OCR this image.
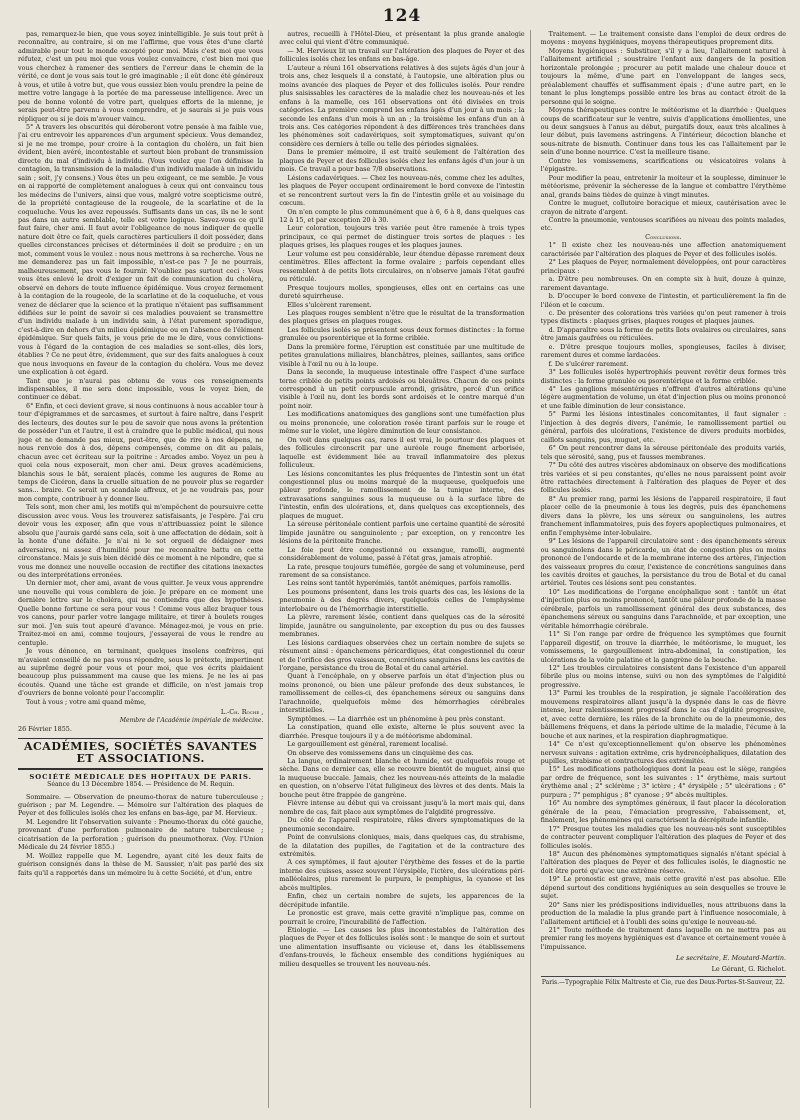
124

pas, remarquez-le bien, que vous soyez inintelligible. Je suis tout prêt à reconnaître, au contraire, si on me l'affirme, que vous êtes d'une clarté admirable pour tout le monde excepté pour moi. Mais c'est moi que vous réfutez, c'est un peu moi que vous voulez convaincre, c'est bien moi que vous cherchez à ramener des sentiers de l'erreur dans le chemin de la vérité, ce dont je vous sais tout le gré imaginable ; il eût donc été généreux à vous, et utile à votre but, que vous eussiez bien voulu prendre la peine de mettre votre langage à la portée de ma paresseuse intelligence. Avec un peu de bonne volonté de votre part, quelques efforts de la mienne, je serais peut-être parvenu à vous comprendre, et je saurais si je puis vous répliquer ou si je dois m'avouer vaincu.

5° A travers les obscurités qui déroberont votre pensée à ma faible vue, j'ai cru entrevoir les apparences d'un argument spécieux. Vous demandez, si je ne me trompe, pour croire à la contagion du choléra, un fait bien évident, bien avéré, incontestable et surtout bien probant de transmission directe du mal d'individu à individu. (Vous voulez que l'on définisse la contagion, la transmission de la maladie d'un individu malade à un individu sain ; soit, j'y consens.) Vous êtes un peu exigeant, ce me semble. Je vous en ai rapporté de complètement analogues à ceux qui ont convaincu tous les médecins de l'univers, ainsi que vous, malgré votre scepticisme outré, de la propriété contagieuse de la rougeole, de la scarlatine et de la coqueluche. Vous les avez repoussés. Suffisants dans un cas, ils ne le sont pas dans un autre semblable, telle est votre logique. Savez-vous ce qu'il faut faire, cher ami. Il faut avoir l'obligeance de nous indiquer de quelle nature doit être ce fait, quels caractères particuliers il doit posséder, dans quelles circonstances précises et déterminées il doit se produire ; en un mot, comment vous le voulez : nous nous mettrons à sa recherche. Vous ne me demanderez pas un fait impossible, n'est-ce pas ? Je ne pourrais, malheureusement, pas vous le fournir. N'oubliez pas surtout ceci : Vous vous êtes enlevé le droit d'exiger un fait de communication du choléra, observé en dehors de toute influence épidémique. Vous croyez fermement à la contagion de la rougeole, de la scarlatine et de la coqueluche, et vous venez de déclarer que la science et la pratique n'étaient pas suffisamment édifiées sur le point de savoir si ces maladies pouvaient se transmettre d'un individu malade à un individu sain, à l'état purement sporadique, c'est-à-dire en dehors d'un milieu épidémique ou en l'absence de l'élément épidémique. Sur quels faits, je vous prie de me le dire, vous convictions-vous à l'égard de la contagion de ces maladies se sont-elles, dès lors, établies ? Ce ne peut être, évidemment, que sur des faits analogues à ceux que nous invoquons en faveur de la contagion du choléra. Vous me devez une explication à cet égard.

Tant que je n'aurai pas obtenu de vous ces renseignements indispensables, il me sera donc impossible, vous le voyez bien, de continuer ce débat.

6° Enfin, et ceci devient grave, si nous continuons à nous accabler tour à tour d'épigrammes et de sarcasmes, et surtout à faire naître, dans l'esprit des lecteurs, des doutes sur le peu de savoir que nous avons la prétention de posséder l'un et l'autre, il est à craindre que le public médical, qui nous juge et ne demande pas mieux, peut-être, que de rire à nos dépens, ne nous renvoie dos à dos, dépens compensés, comme on dit au palais, chacun avec cet écriteau sur la poitrine : Arcades ambo. Voyez un peu à quoi cela nous exposerait, mon cher ami. Deux graves académiciens, blanchis sous le bât, seraient placés, comme les augures de Rome au temps de Cicéron, dans la cruelle situation de ne pouvoir plus se regarder sans... braire. Ce serait un scandale affreux, et je ne voudrais pas, pour mon compte, contribuer à y donner lieu.

Tels sont, mon cher ami, les motifs qui m'empêchent de poursuivre cette discussion avec vous. Vous les trouverez satisfaisants, je l'espère. J'ai cru devoir vous les exposer, afin que vous n'attribuassiez point le silence absolu que j'aurais gardé sans cela, soit à une affectation de dédain, soit à la honte d'une défaite. Je n'ai ni le sot orgueil de dédaigner mes adversaires, ni assez d'humilité pour me reconnaître battu en cette circonstance. Mais je suis bien décidé dès ce moment à ne répondre, que si vous me donnez une nouvelle occasion de rectifier des citations inexactes ou des interprétations erronées.

Un dernier mot, cher ami, avant de vous quitter. Je veux vous apprendre une nouvelle qui vous comblera de joie. Je prépare en ce moment une dernière lettre sur le choléra, qui ne contiendra que des hypothèses. Quelle bonne fortune ce sera pour vous ! Comme vous allez braquer tous vos canons, pour parler votre langage militaire, et tirer à boulets rouges sur moi. J'en suis tout apeuré d'avance. Ménagez-moi, je vous en prie. Traitez-moi en ami, comme toujours, j'essayerai de vous le rendre au centuple.

Je vous dénonce, en terminant, quelques insolens confrères, qui m'avaient conseillé de ne pas vous répondre, sous le prétexte, impertinent au suprême degré pour vous et pour moi, que vos écrits plaidaient beaucoup plus puissamment ma cause que les miens. Je ne les ai pas écoutés. Quand une tâche est grande et difficile, on n'est jamais trop d'ouvriers de bonne volonté pour l'accomplir.

Tout à vous ; votre ami quand même,

L.-Ch. Roche ,

Membre de l'Académie impériale de médecine.

26 Février 1855.

ACADÉMIES, SOCIÉTÉS SAVANTES ET ASSOCIATIONS.
SOCIÉTÉ MÉDICALE DES HOPITAUX DE PARIS.
Séance du 13 Décembre 1854. — Présidence de M. Requin.

Sommaire. — Observation de pneumo-thorax de nature tuberculeuse ; guérison ; par M. Legendre. — Mémoire sur l'altération des plaques de Peyer et des follicules isolés chez les enfans en bas-âge, par M. Hervieux.

M. Legendre lit l'observation suivante : Pneumo-thorax du côté gauche, provenant d'une perforation pulmonaire de nature tuberculeuse ; cicatrisation de la perforation ; guérison du pneumothorax. (Voy. l'Union Médicale du 24 février 1855.)

M. Woillez rappelle que M. Legendre, ayant cité les deux faits de guérison consignés dans la thèse de M. Saussier, n'ait pas parlé des six faits qu'il a rapportés dans un mémoire lu à cette Société, et d'un, entre

autres, recueilli à l'Hôtel-Dieu, et présentant la plus grande analogie avec celui qui vient d'être communiqué.

— M. Hervieux lit un travail sur l'altération des plaques de Peyer et des follicules isolés chez les enfans en bas-âge.

L'auteur a réuni 161 observations relatives à des sujets âgés d'un jour à trois ans, chez lesquels il a constaté, à l'autopsie, une altération plus ou moins avancée des plaques de Peyer et des follicules isolés. Pour rendre plus saisissables les caractères de la maladie chez les nouveau-nés et les enfans à la mamelle, ces 161 observations ont été divisées en trois catégories. La première comprend les enfans âgés d'un jour à un mois ; la seconde les enfans d'un mois à un an ; la troisième les enfans d'un an à trois ans. Ces catégories répondent à des différences très tranchées dans les phénomènes soit cadavériques, soit symptomatiques, suivant qu'on considère ces derniers à telle ou telle des périodes signalées.

Dans le premier mémoire, il est traité seulement de l'altération des plaques de Peyer et des follicules isolés chez les enfans âgés d'un jour à un mois. Ce travail a pour base 7/8 observations.

Lésions cadavériques. — Chez les nouveau-nés, comme chez les adultes, les plaques de Peyer occupent ordinairement le bord convexe de l'intestin et se rencontrent surtout vers la fin de l'intestin grêle et au voisinage du cœcum.

On n'en compte le plus communément que à 6, 6 à 8, dans quelques cas 12 à 15, et par exception 20 à 30.

Leur coloration, toujours très variée peut être ramenée à trois types principaux, ce qui permet de distinguer trois sortes de plaques : les plaques grises, les plaques rouges et les plaques jaunes.

Leur volume est peu considérable, leur étendue dépasse rarement deux centimètres. Elles affectent la forme ovalaire ; parfois cependant elles ressemblent à de petits îlots circulaires, on n'observe jamais l'état gaufré ou réticulé.

Presque toujours molles, spongieuses, elles ont en certains cas une dureté squirrheuse.

Elles s'ulcèrent rarement.

Les plaques rouges semblent n'être que le résultat de la transformation des plaques grises en plaques rouges.

Les follicules isolés se présentent sous deux formes distinctes : la forme granulée ou psorentérique et la forme criblée.

Dans la première forme, l'éruption est constituée par une multitude de petites granulations miliaires, blanchâtres, pleines, saillantes, sans orifice visible à l'œil nu ou à la loupe.

Dans la seconde, la muqueuse intestinale offre l'aspect d'une surface terne criblée de petits points ardoisés ou bleuâtres. Chacun de ces points correspond à un petit corpuscule arrondi, grisâtre, percé d'un orifice visible à l'œil nu, dont les bords sont ardoisés et le centre marqué d'un point noir.

Les modifications anatomiques des ganglions sont une tuméfaction plus ou moins prononcée, une coloration rosée tirant parfois sur le rouge et même sur le violet, une légère diminution de leur consistance.

On voit dans quelques cas, rares il est vrai, le pourtour des plaques et des follicules circonscrit par une auréole rouge finement arborisée, laquelle est évidemment liée au travail inflammatoire des plexus folliculeux.

Les lésions concomitantes les plus fréquentes de l'intestin sont un état congestionnel plus ou moins marqué de la muqueuse, quelquefois une pâleur profonde, le ramollissement de la tunique interne, des extravasations sanguines sous la muqueuse ou à la surface libre de l'intestin, enfin des ulcérations, et, dans quelques cas exceptionnels, des plaques de muguet.

La séreuse péritonéale contient parfois une certaine quantité de sérosité limpide jaunâtre ou sanguinolente ; par exception, on y rencontre les lésions de la péritonite franche.

Le foie peut être congestionné ou exsangue, ramolli, augmenté considérablement de volume, passé à l'état gras, jamais atrophié.

La rate, presque toujours tuméfiée, gorgée de sang et volumineuse, perd rarement de sa consistance.

Les reins sont tantôt hyperémiés, tantôt anémiques, parfois ramollis.

Les poumons présentent, dans les trois quarts des cas, les lésions de la pneumonie à des degrés divers, quelquefois celles de l'emphysème interlobaire ou de l'hémorrhagie interstitielle.

La plèvre, rarement lésée, contient dans quelques cas de la sérosité limpide, jaunâtre ou sanguinolente, par exception du pus ou des fausses membranes.

Les lésions cardiaques observées chez un certain nombre de sujets se résument ainsi : épanchemens péricardiques, état congestionnel du cœur et de l'orifice des gros vaisseaux, concrétions sanguines dans les cavités de l'organe, persistance du trou de Botal et du canal artériel.

Quant à l'encéphale, on y observe parfois un état d'injection plus ou moins prononcé, ou bien une pâleur profonde des deux substances, le ramollissement de celles-ci, des épanchemens séreux ou sanguins dans l'arachnoïde, quelquefois même des hémorrhagies cérébrales interstitielles.

Symptômes. — La diarrhée est un phénomène à peu près constant.

La constipation, quand elle existe, alterne le plus souvent avec la diarrhée. Presque toujours il y a de météorisme abdominal.

Le gargouillement est général, rarement localisé.

On observe des vomissemens dans un cinquième des cas.

La langue, ordinairement blanche et humide, est quelquefois rouge et sèche. Dans ce dernier cas, elle se recouvre bientôt de muguet, ainsi que la muqueuse buccale. Jamais, chez les nouveau-nés atteints de la maladie en question, on n'observe l'état fuligineux des lèvres et des dents. Mais la bouche peut être frappée de gangrène.

Fièvre intense au début qui va croissant jusqu'à la mort mais qui, dans nombre de cas, fait place aux symptômes de l'algidité progressive.

Du côté de l'appareil respiratoire, râles divers symptomatiques de la pneumonie secondaire.

Point de convulsions cloniques, mais, dans quelques cas, du strabisme, de la dilatation des pupilles, de l'agitation et de la contracture des extrémités.

A ces symptômes, il faut ajouter l'érythème des fesses et de la partie interne des cuisses, assez souvent l'érysipèle, l'ictère, des ulcérations péri-malléolaires, plus rarement le purpura, le pemphigus, la cyanose et les abcès multiples.

Enfin, chez un certain nombre de sujets, les apparences de la décrépitude infantile.

Le pronostic est grave, mais cette gravité n'implique pas, comme on pourrait le croire, l'incurabilité de l'affection.

Étiologie. — Les causes les plus incontestables de l'altération des plaques de Peyer et des follicules isolés sont : le manque de soin et surtout une alimentation insuffisante ou vicieuse et, dans les établissemens d'enfans-trouvés, le fâcheux ensemble des conditions hygiéniques au milieu desquelles se trouvent les nouveau-nés.

Traitement. — Le traitement consiste dans l'emploi de deux ordres de moyens : moyens hygiéniques, moyens thérapeutiques proprement dits.

Moyens hygiéniques : Substituer, s'il y a lieu, l'allaitement naturel à l'allaitement artificiel ; soustraire l'enfant aux dangers de la position horizontale prolongée ; procurer au petit malade une chaleur douce et toujours la même, d'une part en l'enveloppant de langes secs, préalablement chauffés et suffisamment épais ; d'une autre part, en le tenant le plus longtemps possible entre les bras au contact étroit de la personne qui le soigne.

Moyens thérapeutiques contre le météorisme et la diarrhée : Quelques coups de scarificateur sur le ventre, suivis d'applications émollientes, une ou deux sangsues à l'anus au début, purgatifs doux, eaux très alcalines à leur début, puis lavemens astringens. A l'intérieur, décoction blanche et sous-nitrate de bismuth. Continuer dans tous les cas l'allaitement par le sein d'une bonne nourrice. C'est la meilleure tisane.

Contre les vomissemens, scarifications ou vésicatoires volans à l'épigastre.

Pour modifier la peau, entretenir la moiteur et la souplesse, diminuer le météorisme, prévenir la sécheresse de la langue et combattre l'érythème anal, grands bains tièdes de quinze à vingt minutes.

Contre le muguet, collutoire boracique et mieux, cautérisation avec le crayon de nitrate d'argent.

Contre la pneumonie, ventouses scarifiées au niveau des points malades, etc.

Conclusions.

1° Il existe chez les nouveau-nés une affection anatomiquement caractérisée par l'altération des plaques de Peyer et des follicules isolés.

2° Les plaques de Peyer, normalement développées, ont pour caractères principaux :

a. D'être peu nombreuses. On en compte six à huit, douze à quinze, rarement davantage.

b. D'occuper le bord convexe de l'intestin, et particulièrement la fin de l'iléon et le cœcum.

c. De présenter des colorations très variées qu'on peut ramener à trois types distincts : plaques grises, plaques rouges et plaques jaunes.

d. D'apparaître sous la forme de petits îlots ovalaires ou circulaires, sans être jamais gaufrées ou réticulées.

e. D'être presque toujours molles, spongieuses, faciles à diviser, rarement dures et comme lardacées.

f. De s'ulcérer rarement.

3° Les follicules isolés hypertrophiés peuvent revêtir deux formes très distinctes : la forme granulée ou psorentérique et la forme criblée.

4° Les ganglions mésentériques n'offrent d'autres altérations qu'une légère augmentation de volume, un état d'injection plus ou moins prononcé et une faible diminution de leur consistance.

5° Parmi les lésions intestinales concomitantes, il faut signaler : l'injection à des degrés divers, l'anémie, le ramollissement partiel ou général, parfois des ulcérations, l'existence de divers produits morbides, caillots sanguins, pus, muguet, etc.

6° On peut rencontrer dans la séreuse péritonéale des produits variés, tels que sérosité, sang, pus et fausses membranes.

7° Du côté des autres viscères abdominaux on observe des modifications très variées et si peu constantes, qu'elles ne nous paraissent point avoir être rattachées directement à l'altération des plaques de Peyer et des follicules isolés.

8° Au premier rang, parmi les lésions de l'appareil respiratoire, il faut placer celle de la pneumonie à tous les degrés, puis des épanchemens divers dans la plèvre, les uns séreux ou sanguinolens, les autres franchement inflammatoires, puis des foyers apoplectiques pulmonaires, et enfin l'emphysème inter-lobulaire.

9° Les lésions de l'appareil circulatoire sont : des épanchements séreux ou sanguinolens dans le péricarde, un état de congestion plus ou moins prononcé de l'endocarde et de la membrane interne des artères, l'injection des vaisseaux propres du cœur, l'existence de concrétions sanguines dans les cavités droites et gauches, la persistance du trou de Botal et du canal artériel. Toutes ces lésions sont peu constantes.

10° Les modifications de l'organe encéphalique sont : tantôt un état d'injection plus ou moins prononcé, tantôt une pâleur profonde de la masse cérébrale, parfois un ramollissement général des deux substances, des épanchemens séreux ou sanguins dans l'arachnoïde, et par exception, une véritable hémorrhagie cérébrale.

11° Si l'on range par ordre de fréquence les symptômes que fournit l'appareil digestif, on trouve la diarrhée, le météorisme, le muguet, les vomissemens, le gargouillement intra-abdominal, la constipation, les ulcérations de la voûte palatine et la gangrène de la bouche.

12° Les troubles circulatoires consistent dans l'existence d'un appareil fébrile plus ou moins intense, suivi ou non des symptômes de l'algidité progressive.

13° Parmi les troubles de la respiration, je signale l'accélération des mouvemens respiratoires allant jusqu'à la dyspnée dans le cas de fièvre intense, leur ralentissement progressif dans le cas d'algidité progressive, et, avec cette dernière, les râles de la bronchite ou de la pneumonie, des bâillemens fréquens, et dans la période ultime de la maladie, l'écume à la bouche et aux narines, et la respiration diaphragmatique.

14° Ce n'est qu'exceptionnellement qu'on observe les phénomènes nerveux suivans : agitation extrême, cris hydrencéphaliques, dilatation des pupilles, strabisme et contractures des extrémités.

15° Les modifications pathologiques dont la peau est le siège, rangées par ordre de fréquence, sont les suivantes : 1° érythème, mais surtout érythème anal ; 2° sclérème ; 3° ictère ; 4° érysipèle ; 5° ulcérations ; 6° purpura ; 7° pemphigus ; 8° cyanose ; 9° abcès multiples.

16° Au nombre des symptômes généraux, il faut placer la décoloration générale de la peau, l'émaciation progressive, l'abaissement, et, finalement, les phénomènes qui caractérisent la décrépitude infantile.

17° Presque toutes les maladies que les nouveau-nés sont susceptibles de contracter peuvent compliquer l'altération des plaques de Peyer et des follicules isolés.

18° Aucun des phénomènes symptomatiques signalés n'étant spécial à l'altération des plaques de Peyer et des follicules isolés, le diagnostic ne doit être porté qu'avec une extrême réserve.

19° Le pronostic est grave, mais cette gravité n'est pas absolue. Elle dépend surtout des conditions hygiéniques au sein desquelles se trouve le sujet.

20° Sans nier les prédispositions individuelles, nous attribuons dans la production de la maladie la plus grande part à l'influence nosocomiale, à l'allaitement artificiel et à l'oubli des soins qu'exige le nouveau-né.

21° Toute méthode de traitement dans laquelle on ne mettra pas au premier rang les moyens hygiéniques est d'avance et certainement vouée à l'impuissance.

Le secrétaire, E. Moutard-Martin.

Le Gérant, G. Richelot.

Paris.—Typographie Félix Maltreste et Cie, rue des Deux-Portes-St-Sauveur, 22.
